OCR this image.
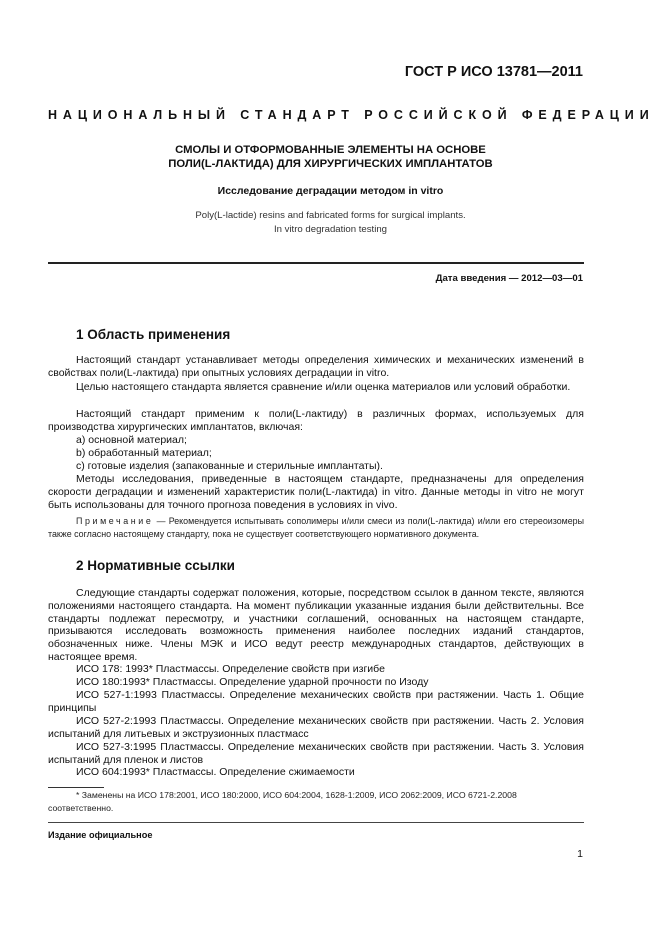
ГОСТ Р ИСО 13781—2011
НАЦИОНАЛЬНЫЙ СТАНДАРТ РОССИЙСКОЙ ФЕДЕРАЦИИ
СМОЛЫ И ОТФОРМОВАННЫЕ ЭЛЕМЕНТЫ НА ОСНОВЕ
ПОЛИ(L-ЛАКТИДА) ДЛЯ ХИРУРГИЧЕСКИХ ИМПЛАНТАТОВ
Исследование деградации методом in vitro
Poly(L-lactide) resins and fabricated forms for surgical implants.
In vitro degradation testing
Дата введения — 2012—03—01
1 Область применения

Настоящий стандарт устанавливает методы определения химических и механических изменений в свойствах поли(L-лактида) при опытных условиях деградации in vitro.

Целью настоящего стандарта является сравнение и/или оценка материалов или условий обработки.

Настоящий стандарт применим к поли(L-лактиду) в различных формах, используемых для производства хирургических имплантатов, включая:

а) основной материал;

b) обработанный материал;

с) готовые изделия (запакованные и стерильные имплантаты).

Методы исследования, приведенные в настоящем стандарте, предназначены для определения скорости деградации и изменений характеристик поли(L-лактида) in vitro. Данные методы in vitro не могут быть использованы для точного прогноза поведения в условиях in vivo.

Примечание — Рекомендуется испытывать сополимеры и/или смеси из поли(L-лактида) и/или его стереоизомеры также согласно настоящему стандарту, пока не существует соответствующего нормативного документа.

2 Нормативные ссылки

Следующие стандарты содержат положения, которые, посредством ссылок в данном тексте, являются положениями настоящего стандарта. На момент публикации указанные издания были действительны. Все стандарты подлежат пересмотру, и участники соглашений, основанных на настоящем стандарте, призываются исследовать возможность применения наиболее последних изданий стандартов, обозначенных ниже. Члены МЭК и ИСО ведут реестр международных стандартов, действующих в настоящее время.

ИСО 178: 1993* Пластмассы. Определение свойств при изгибе

ИСО 180:1993* Пластмассы. Определение ударной прочности по Изоду

ИСО 527-1:1993 Пластмассы. Определение механических свойств при растяжении. Часть 1. Общие принципы

ИСО 527-2:1993 Пластмассы. Определение механических свойств при растяжении. Часть 2. Условия испытаний для литьевых и экструзионных пластмасс

ИСО 527-3:1995 Пластмассы. Определение механических свойств при растяжении. Часть 3. Условия испытаний для пленок и листов

ИСО 604:1993* Пластмассы. Определение сжимаемости

* Заменены на ИСО 178:2001, ИСО 180:2000, ИСО 604:2004, 1628-1:2009, ИСО 2062:2009, ИСО 6721-2.2008 соответственно.

Издание официальное
1
